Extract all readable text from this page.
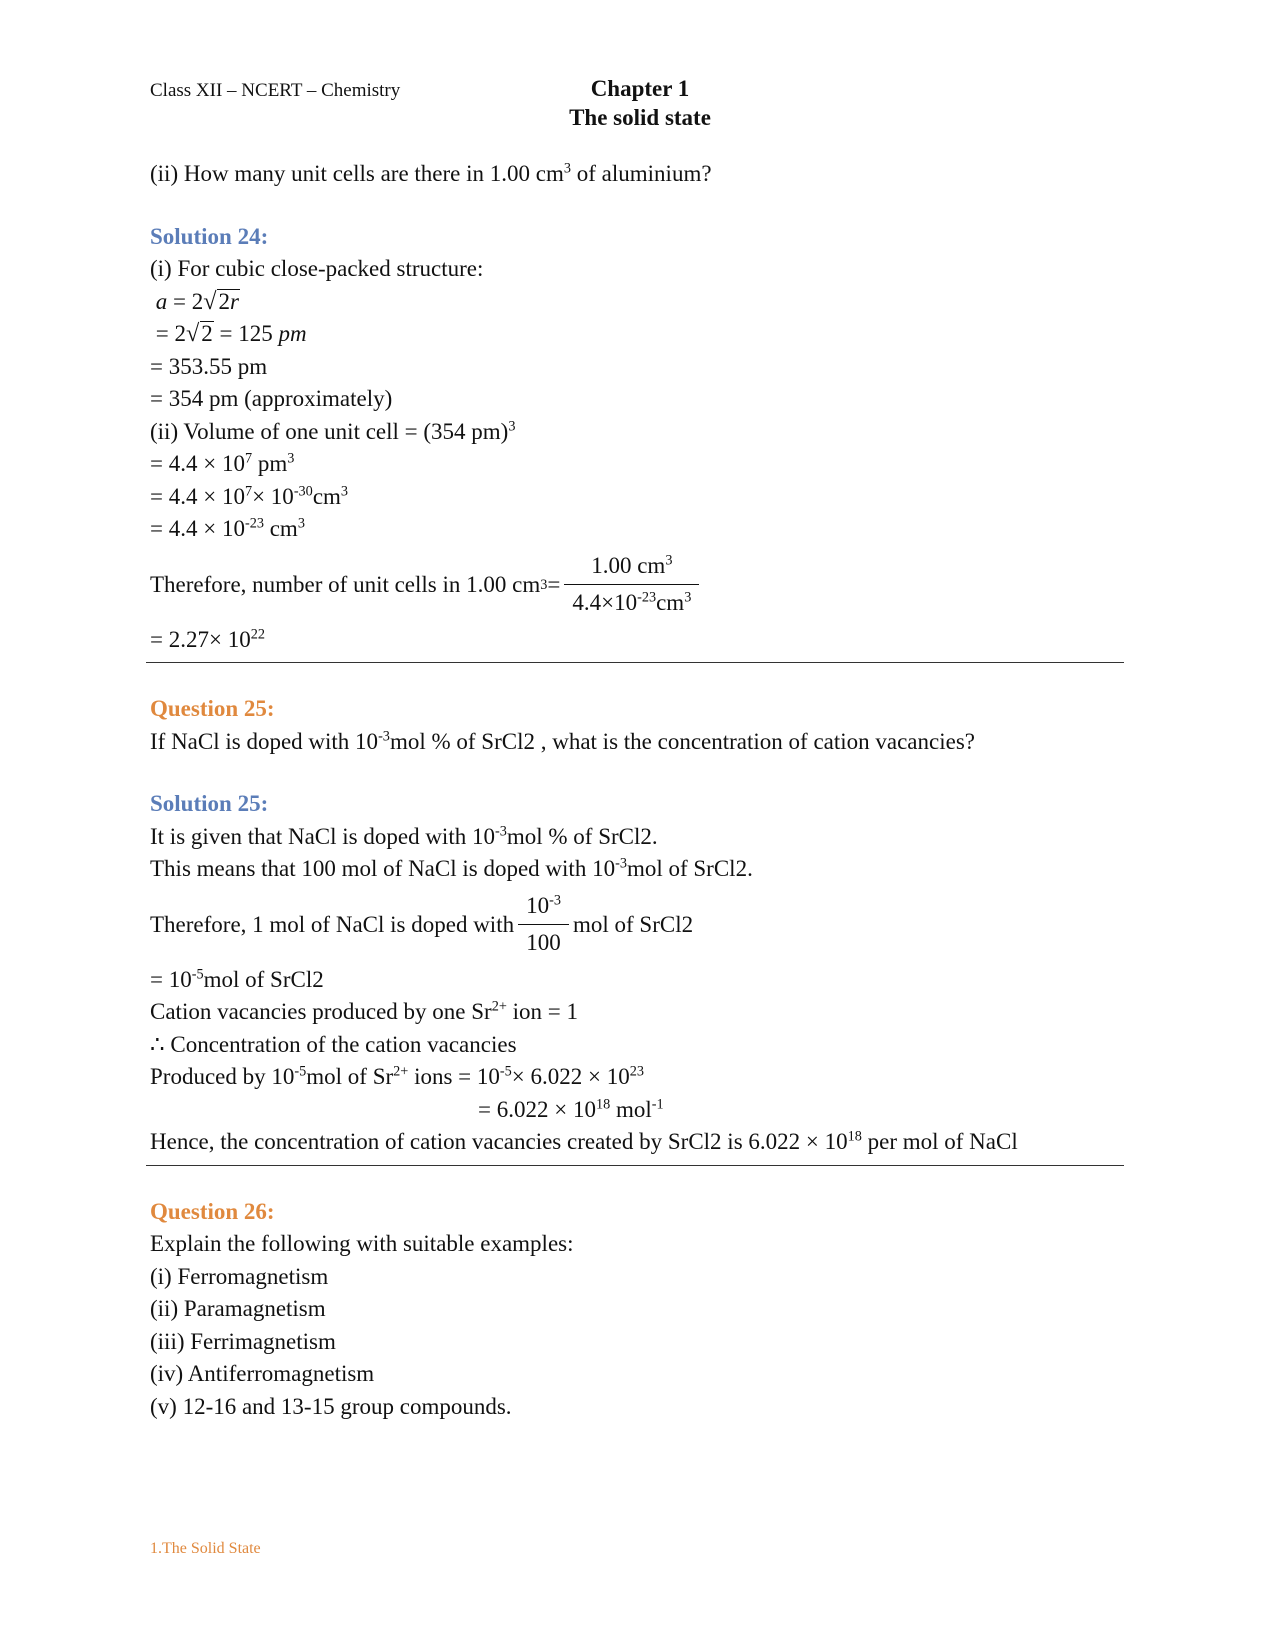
Class XII – NCERT – Chemistry	Chapter 1
The solid state
(ii) How many unit cells are there in 1.00 $cm^3$ of aluminium?
Solution 24:
(i) For cubic close-packed structure:
a = 2√2r
= 2√2 = 125 pm
= 353.55 pm
= 354 pm (approximately)
(ii) Volume of one unit cell = (354 pm)$^3$
= $4.4 \times 10^7$ $pm^3$
= $4.4 \times 10^7\times 10^{-30}cm^3$
= $4.4 \times 10^{-23}$ $cm^3$
Therefore, number of unit cells in 1.00 cm $3 = \frac{1.00 cm^3}{4.4\times 10^{-23}cm^3}$
= $2.27\times 10^{22}$
Question 25:
If NaCl is doped with $10^{-3}mol$ % of SrCl2 , what is the concentration of cation vacancies?
Solution 25:
It is given that NaCl is doped with $10^{-3}mol$ % of SrCl2.
This means that 100 mol of NaCl is doped with $10^{-3}mol$ of SrCl2.
Therefore, 1 mol of NaCl is doped with $\frac{10^{-3}}{100}$ mol of SrCl2
= $10^{-5}mol$ of SrCl2
Cation vacancies produced by one $Sr^{2+}$ ion = 1
∴ Concentration of the cation vacancies
Produced by $10^{-5}mol$ of $Sr^{2+}$ ions = $10^{-5}\times 6.022 \times 10^{23}$
= $6.022 \times 10^{18}$ mol$^{-1}$
Hence, the concentration of cation vacancies created by SrCl2 is $6.022 \times 10^{18}$ per mol of NaCl
Question 26:
Explain the following with suitable examples:
(i) Ferromagnetism
(ii) Paramagnetism
(iii) Ferrimagnetism
(iv) Antiferromagnetism
(v) 12-16 and 13-15 group compounds.
1.The Solid State
